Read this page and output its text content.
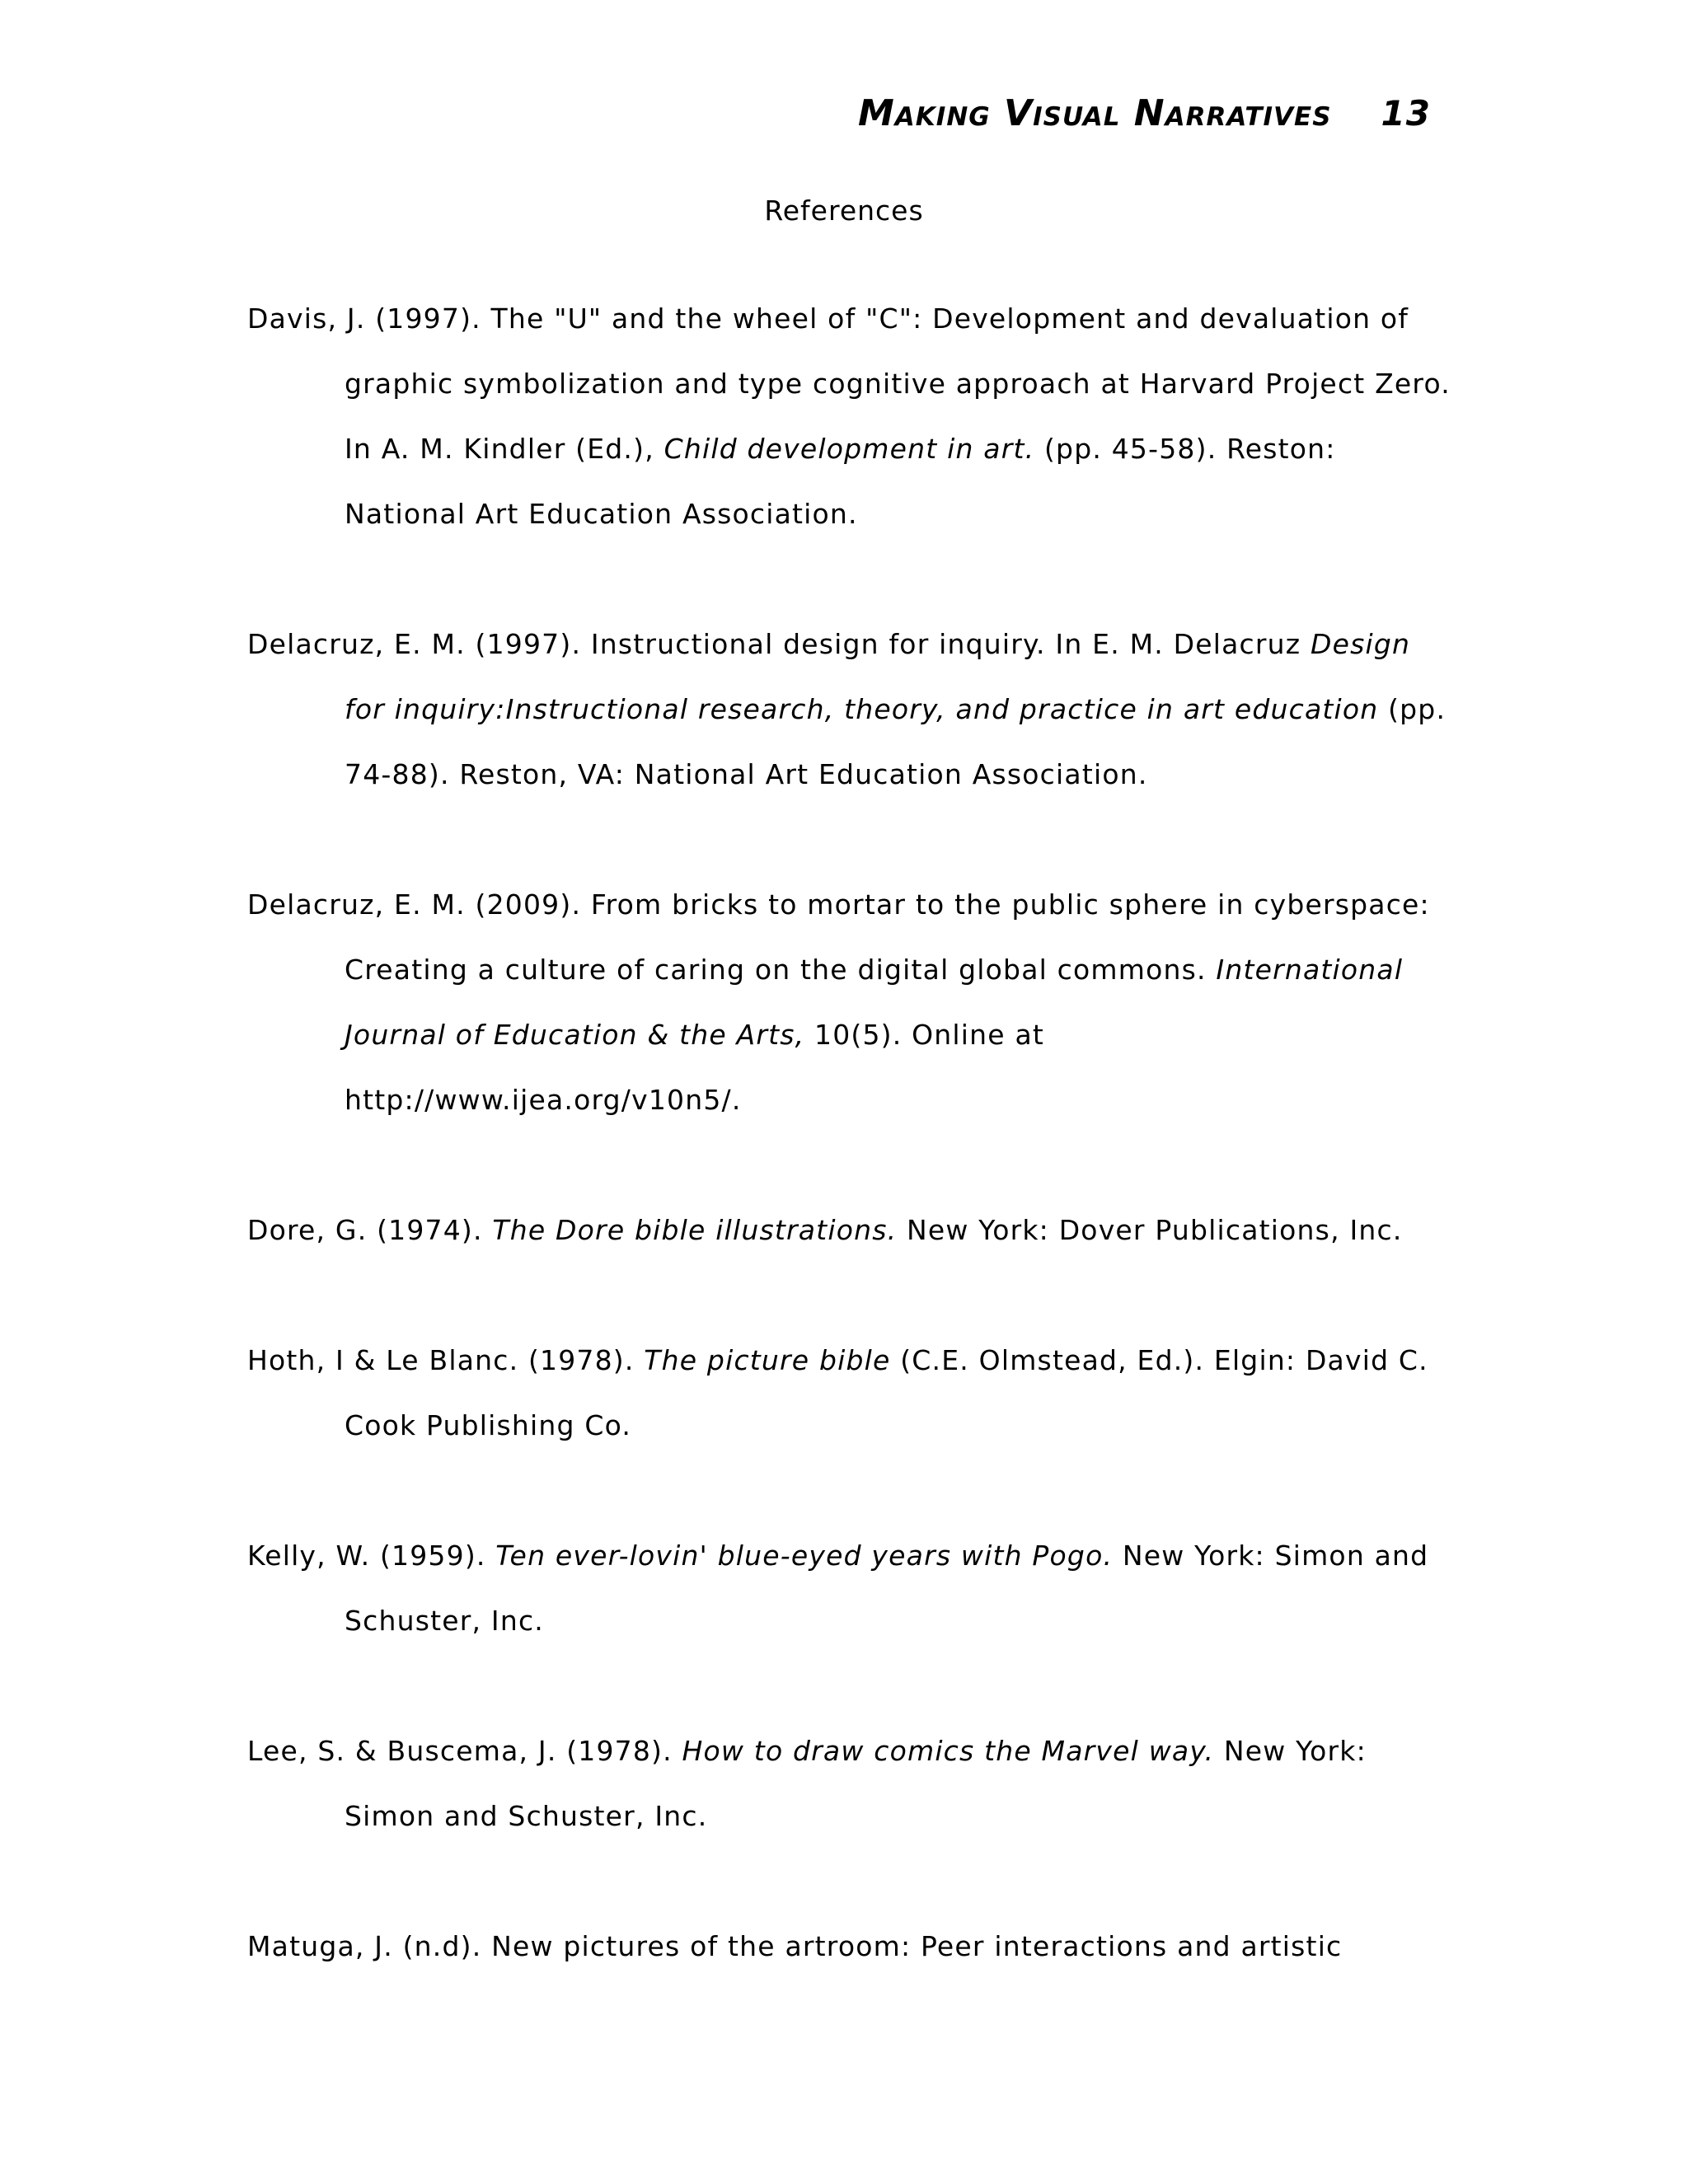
Making Visual Narratives 13
References

Davis, J. (1997). The "U" and the wheel of "C": Development and devaluation of graphic symbolization and type cognitive approach at Harvard Project Zero. In A. M. Kindler (Ed.), Child development in art. (pp. 45-58). Reston: National Art Education Association.

Delacruz, E. M. (1997). Instructional design for inquiry. In E. M. Delacruz Design for inquiry:Instructional research, theory, and practice in art education (pp. 74-88). Reston, VA: National Art Education Association.

Delacruz, E. M. (2009). From bricks to mortar to the public sphere in cyberspace: Creating a culture of caring on the digital global commons. International Journal of Education & the Arts, 10(5). Online at http://www.ijea.org/v10n5/.

Dore, G. (1974). The Dore bible illustrations. New York: Dover Publications, Inc.

Hoth, I & Le Blanc. (1978). The picture bible (C.E. Olmstead, Ed.). Elgin: David C. Cook Publishing Co.

Kelly, W. (1959). Ten ever-lovin' blue-eyed years with Pogo. New York: Simon and Schuster, Inc.

Lee, S. & Buscema, J. (1978). How to draw comics the Marvel way. New York: Simon and Schuster, Inc.

Matuga, J. (n.d). New pictures of the artroom: Peer interactions and artistic
